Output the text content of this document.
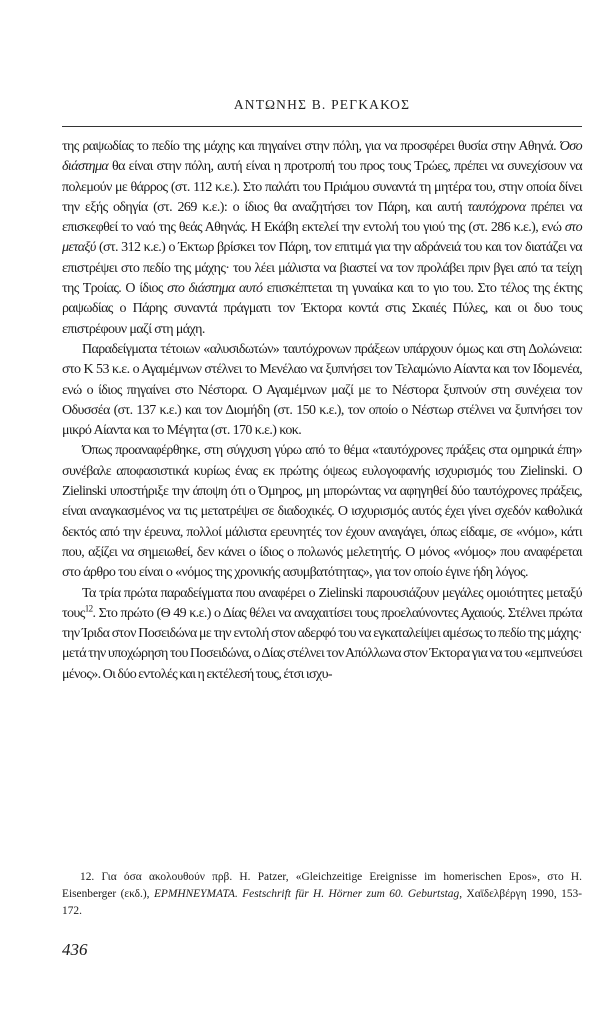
ΑΝΤΩΝΗΣ Β. ΡΕΓΚΑΚΟΣ

της ραψωδίας το πεδίο της μάχης και πηγαίνει στην πόλη, για να προσφέρει θυσία στην Αθηνά. Όσο διάστημα θα είναι στην πόλη, αυτή είναι η προτροπή του προς τους Τρώες, πρέπει να συνεχίσουν να πολεμούν με θάρρος (στ. 112 κ.ε.). Στο παλάτι του Πριάμου συναντά τη μητέρα του, στην οποία δίνει την εξής οδηγία (στ. 269 κ.ε.): ο ίδιος θα αναζητήσει τον Πάρη, και αυτή ταυτόχρονα πρέπει να επισκεφθεί το ναό της θεάς Αθηνάς. Η Εκάβη εκτελεί την εντολή του γιού της (στ. 286 κ.ε.), ενώ στο μεταξύ (στ. 312 κ.ε.) ο Έκτωρ βρίσκει τον Πάρη, τον επιτιμά για την αδράνειά του και τον διατάζει να επιστρέψει στο πεδίο της μάχης· του λέει μάλιστα να βιαστεί να τον προλάβει πριν βγει από τα τείχη της Τροίας. Ο ίδιος στο διάστημα αυτό επισκέπτεται τη γυναίκα και το γιο του. Στο τέλος της έκτης ραψωδίας ο Πάρης συναντά πράγματι τον Έκτορα κοντά στις Σκαιές Πύλες, και οι δυο τους επιστρέφουν μαζί στη μάχη.

Παραδείγματα τέτοιων «αλυσιδωτών» ταυτόχρονων πράξεων υπάρχουν όμως και στη Δολώνεια: στο Κ 53 κ.ε. ο Αγαμέμνων στέλνει το Μενέλαο να ξυπνήσει τον Τελαμώνιο Αίαντα και τον Ιδομενέα, ενώ ο ίδιος πηγαίνει στο Νέστορα. Ο Αγαμέμνων μαζί με το Νέστορα ξυπνούν στη συνέχεια τον Οδυσσέα (στ. 137 κ.ε.) και τον Διομήδη (στ. 150 κ.ε.), τον οποίο ο Νέστωρ στέλνει να ξυπνήσει τον μικρό Αίαντα και το Μέγητα (στ. 170 κ.ε.) κοκ.

Όπως προαναφέρθηκε, στη σύγχυση γύρω από το θέμα «ταυτόχρονες πράξεις στα ομηρικά έπη» συνέβαλε αποφασιστικά κυρίως ένας εκ πρώτης όψεως ευλογοφανής ισχυρισμός του Zielinski. Ο Zielinski υποστήριξε την άποψη ότι ο Όμηρος, μη μπορώντας να αφηγηθεί δύο ταυτόχρονες πράξεις, είναι αναγκασμένος να τις μετατρέψει σε διαδοχικές. Ο ισχυρισμός αυτός έχει γίνει σχεδόν καθολικά δεκτός από την έρευνα, πολλοί μάλιστα ερευνητές τον έχουν αναγάγει, όπως είδαμε, σε «νόμο», κάτι που, αξίζει να σημειωθεί, δεν κάνει ο ίδιος ο πολωνός μελετητής. Ο μόνος «νόμος» που αναφέρεται στο άρθρο του είναι ο «νόμος της χρονικής ασυμβατότητας», για τον οποίο έγινε ήδη λόγος.

Τα τρία πρώτα παραδείγματα που αναφέρει ο Zielinski παρουσιάζουν μεγάλες ομοιότητες μεταξύ τους$^{12}$. Στο πρώτο (Θ 49 κ.ε.) ο Δίας θέλει να αναχαιτίσει τους προελαύνοντες Αχαιούς. Στέλνει πρώτα την Ίριδα στον Ποσειδώνα με την εντολή στον αδερφό του να εγκαταλείψει αμέσως το πεδίο της μάχης· μετά την υποχώρηση του Ποσειδώνα, ο Δίας στέλνει τον Απόλλωνα στον Έκτορα για να του «εμπνεύσει μένος». Οι δύο εντολές και η εκτέλεσή τους, έτσι ισχυ-

12. Για όσα ακολουθούν πρβ. H. Patzer, «Gleichzeitige Ereignisse im homerischen Epos», στο H. Eisenberger (εκδ.), ΕΡΜΗΝΕΥΜΑΤΑ. Festschrift für H. Hörner zum 60. Geburtstag, Χαϊδελβέργη 1990, 153-172.

436
